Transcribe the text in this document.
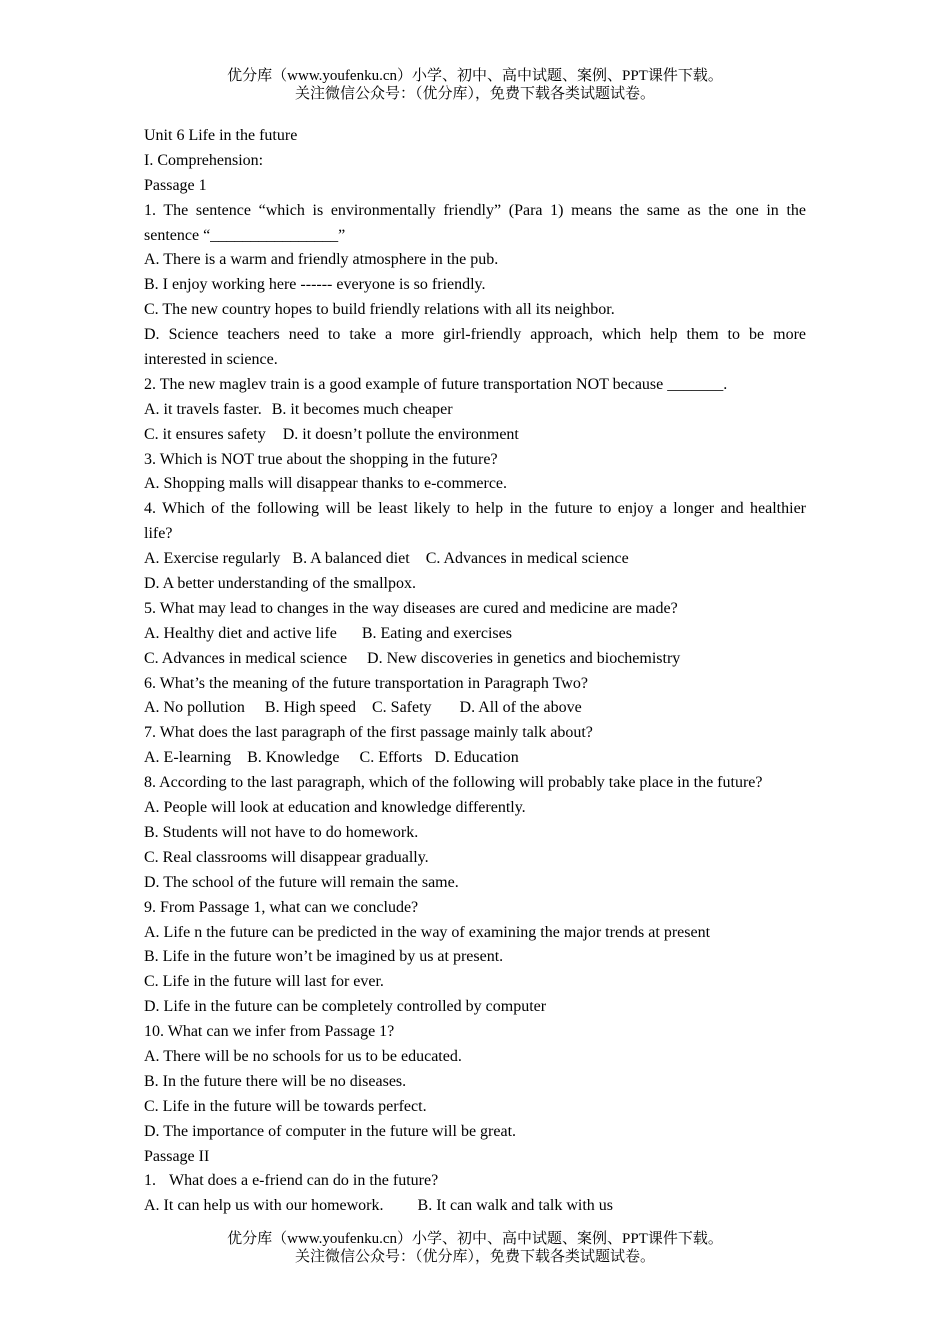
优分库（www.youfenku.cn）小学、初中、高中试题、案例、PPT课件下载。
关注微信公众号：（优分库），免费下载各类试题试卷。
Unit 6 Life in the future
I. Comprehension:
Passage 1
1. The sentence “which is environmentally friendly” (Para 1) means the same as the one in the
sentence “________________”
A. There is a warm and friendly atmosphere in the pub.
B. I enjoy working here ------ everyone is so friendly.
C. The new country hopes to build friendly relations with all its neighbor.
D. Science teachers need to take a more girl-friendly approach, which help them to be more
interested in science.
2. The new maglev train is a good example of future transportation NOT because _______.
A. it travels faster. B. it becomes much cheaper
C. it ensures safety D. it doesn’t pollute the environment
3. Which is NOT true about the shopping in the future?
A. Shopping malls will disappear thanks to e-commerce.
4. Which of the following will be least likely to help in the future to enjoy a longer and healthier
life?
A. Exercise regularly B. A balanced diet C. Advances in medical science
D. A better understanding of the smallpox.
5. What may lead to changes in the way diseases are cured and medicine are made?
A. Healthy diet and active life B. Eating and exercises
C. Advances in medical science D. New discoveries in genetics and biochemistry
6. What’s the meaning of the future transportation in Paragraph Two?
A. No pollution B. High speed C. Safety D. All of the above
7. What does the last paragraph of the first passage mainly talk about?
A. E-learning B. Knowledge C. Efforts D. Education
8. According to the last paragraph, which of the following will probably take place in the future?
A. People will look at education and knowledge differently.
B. Students will not have to do homework.
C. Real classrooms will disappear gradually.
D. The school of the future will remain the same.
9. From Passage 1, what can we conclude?
A. Life n the future can be predicted in the way of examining the major trends at present
B. Life in the future won’t be imagined by us at present.
C. Life in the future will last for ever.
D. Life in the future can be completely controlled by computer
10. What can we infer from Passage 1?
A. There will be no schools for us to be educated.
B. In the future there will be no diseases.
C. Life in the future will be towards perfect.
D. The importance of computer in the future will be great.
Passage II
1. What does a e-friend can do in the future?
A. It can help us with our homework. B. It can walk and talk with us
优分库（www.youfenku.cn）小学、初中、高中试题、案例、PPT课件下载。
关注微信公众号：（优分库），免费下载各类试题试卷。
